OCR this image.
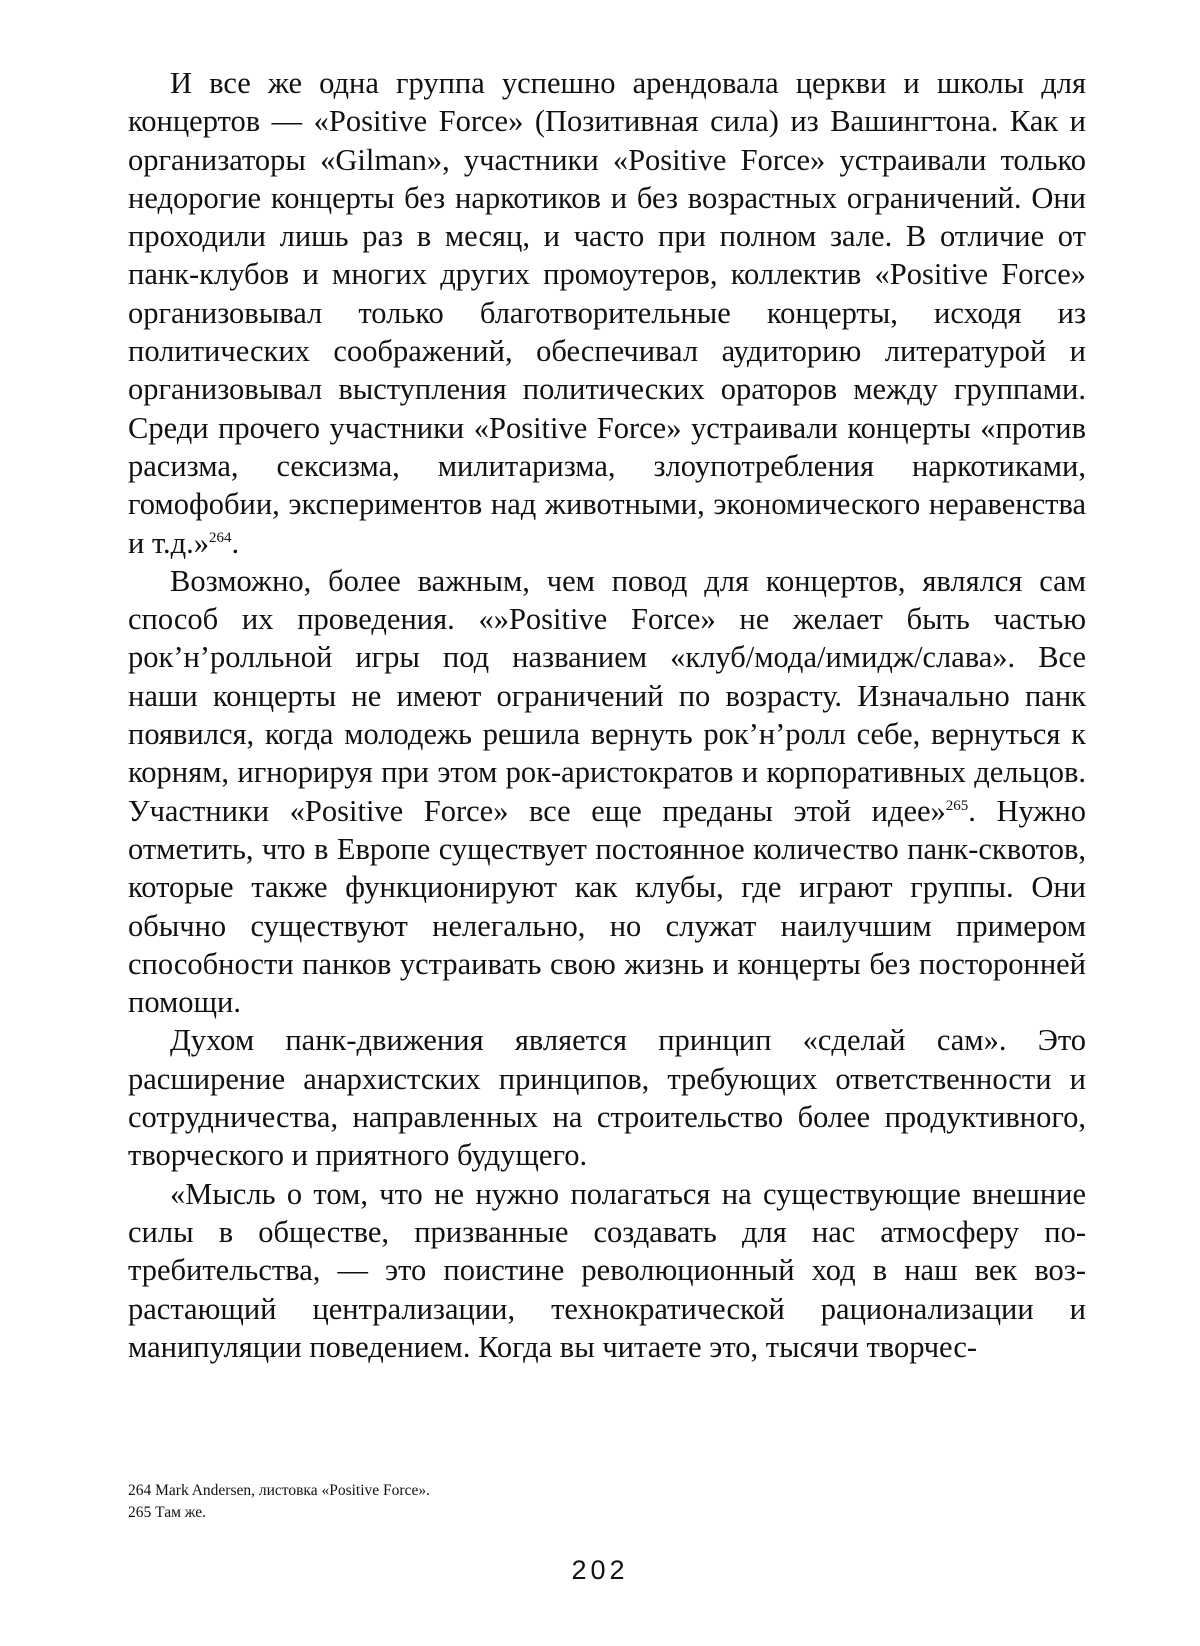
И все же одна группа успешно арендовала церкви и школы для концертов — «Positive Force» (Позитивная сила) из Вашингтона. Как и организаторы «Gilman», участники «Positive Force» устраивали только недорогие концерты без наркотиков и без возрастных ограничений. Они проходили лишь раз в месяц, и часто при полном зале. В отличие от панк-клубов и многих других промоутеров, коллектив «Positive Force» организовывал только благотворительные концерты, исходя из политических соображений, обеспечивал аудиторию литературой и организовывал выступления политических ораторов между группами. Среди прочего участники «Positive Force» устраивали концерты «против расизма, сексизма, милитаризма, злоупотребления наркотиками, гомофобии, экспериментов над животными, экономического неравенства и т.д.»$^{264}$.

Возможно, более важным, чем повод для концертов, являлся сам способ их проведения. «»Positive Force» не желает быть частью рок’н’ролльной игры под названием «клуб/мода/имидж/слава». Все наши концерты не имеют ограничений по возрасту. Изначально панк появился, когда молодежь решила вернуть рок’н’ролл себе, вернуться к корням, игнорируя при этом рок-аристократов и корпоративных дельцов. Участники «Positive Force» все еще преданы этой идее»$^{265}$. Нужно отметить, что в Европе существует постоянное количество панк-сквотов, которые также функционируют как клубы, где играют группы. Они обычно существуют нелегально, но служат наилучшим примером способности панков устраивать свою жизнь и концерты без посторонней помощи.

Духом панк-движения является принцип «сделай сам». Это расширение анархистских принципов, требующих ответственности и сотрудничества, направленных на строительство более продуктивного, творческого и приятного будущего.

«Мысль о том, что не нужно полагаться на существующие внешние силы в обществе, призванные создавать для нас атмосферу потребительства, — это поистине революционный ход в наш век возрастающий централизации, технократической рационализации и манипуляции поведением. Когда вы читаете это, тысячи творчес-

264 Mark Andersen, листовка «Positive Force».

265 Там же.

202
